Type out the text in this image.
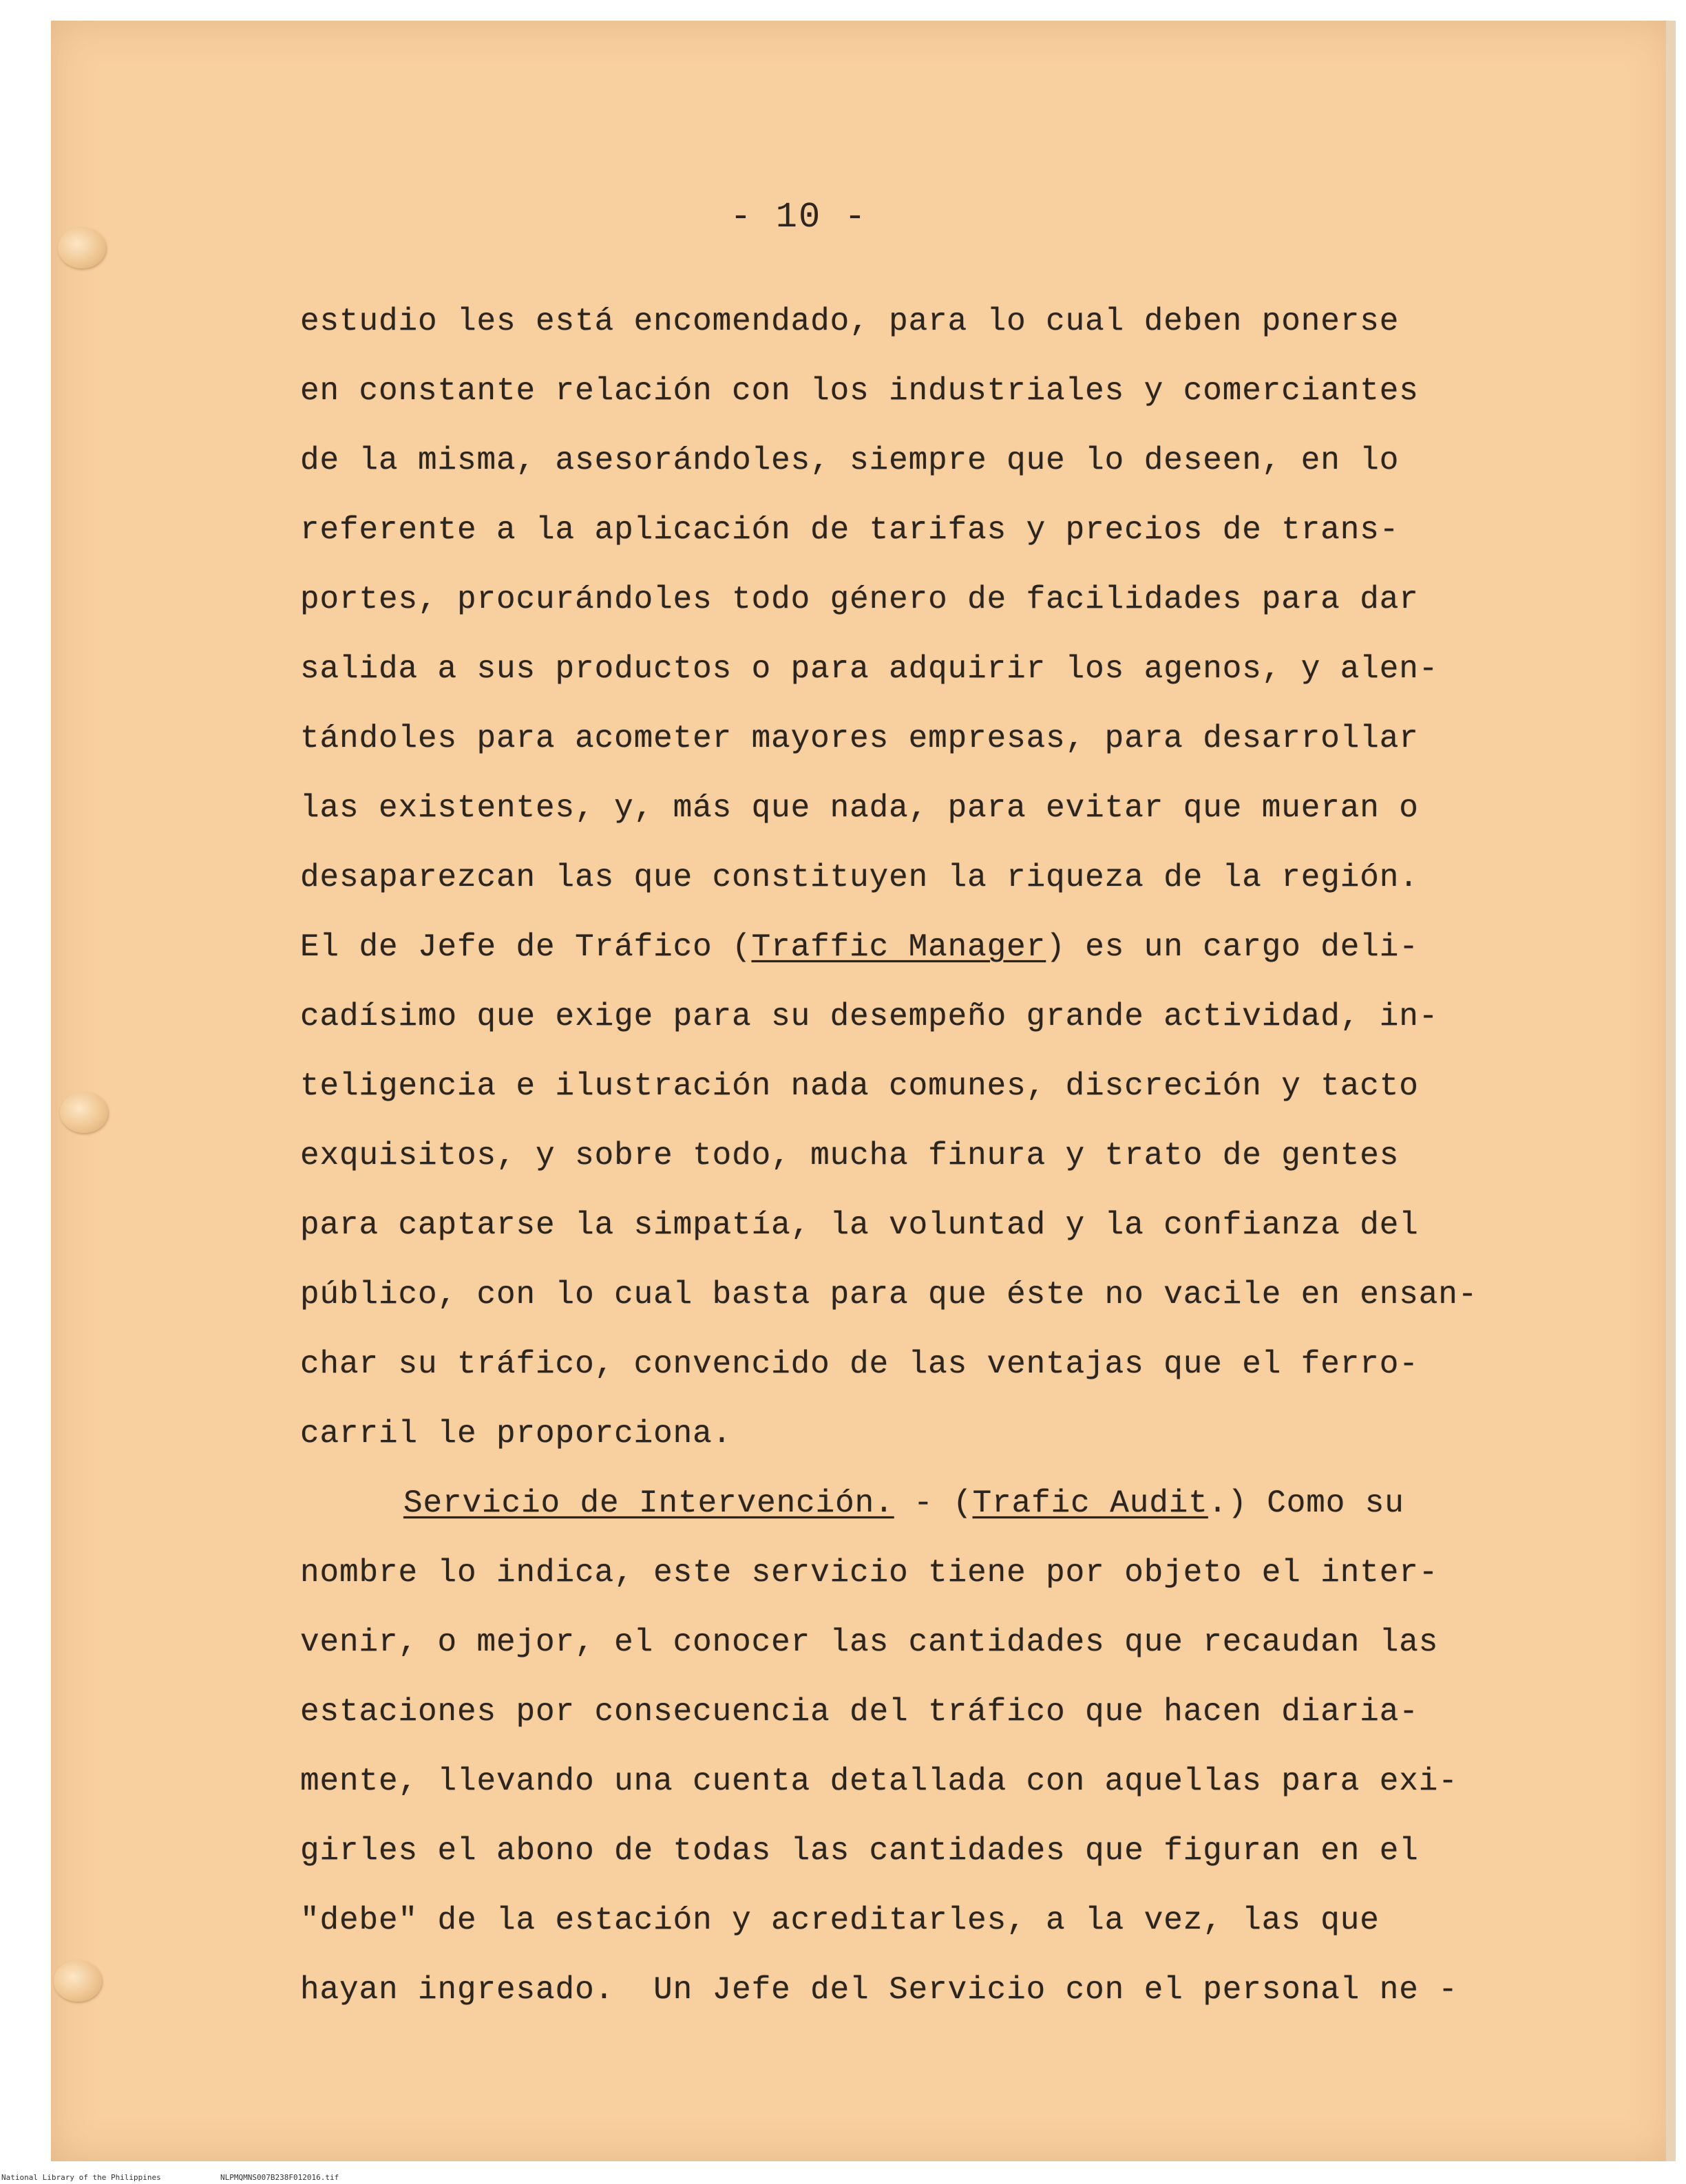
- 10 -
estudio les está encomendado, para lo cual deben ponerse
en constante relación con los industriales y comerciantes
de la misma, asesorándoles, siempre que lo deseen, en lo
referente a la aplicación de tarifas y precios de trans-
portes, procurándoles todo género de facilidades para dar
salida a sus productos o para adquirir los agenos, y alen-
tándoles para acometer mayores empresas, para desarrollar
las existentes, y, más que nada, para evitar que mueran o
desaparezcan las que constituyen la riqueza de la región.
El de Jefe de Tráfico (Traffic Manager) es un cargo deli-
cadísimo que exige para su desempeño grande actividad, in-
teligencia e ilustración nada comunes, discreción y tacto
exquisitos, y sobre todo, mucha finura y trato de gentes
para captarse la simpatía, la voluntad y la confianza del
público, con lo cual basta para que éste no vacile en ensan-
char su tráfico, convencido de las ventajas que el ferro-
carril le proporciona.
Servicio de Intervención. - (Trafic Audit.) Como su
nombre lo indica, este servicio tiene por objeto el inter-
venir, o mejor, el conocer las cantidades que recaudan las
estaciones por consecuencia del tráfico que hacen diaria-
mente, llevando una cuenta detallada con aquellas para exi-
girles el abono de todas las cantidades que figuran en el
"debe" de la estación y acreditarles, a la vez, las que
hayan ingresado.  Un Jefe del Servicio con el personal ne -
National Library of the Philippines	NLPMQMNS007B238F012016.tif
